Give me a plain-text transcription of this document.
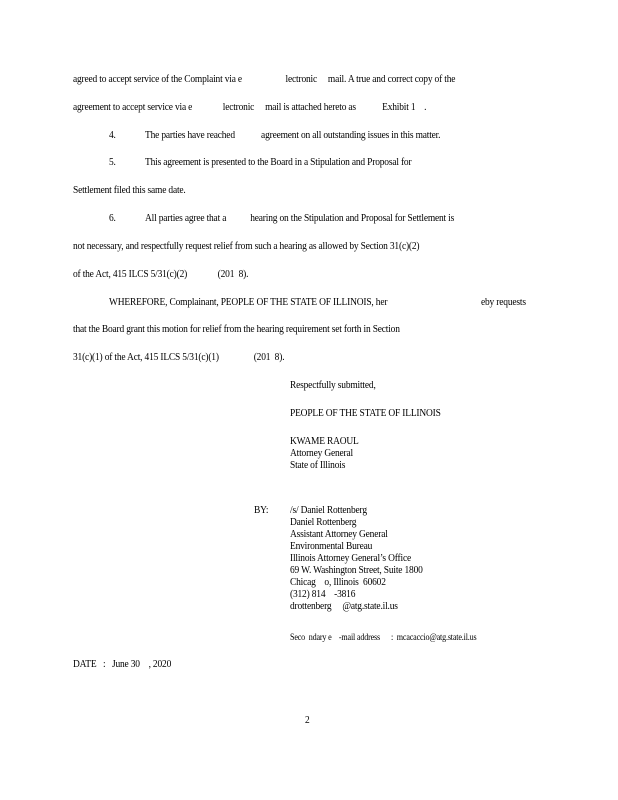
agreed to accept service of the Complaint via e                    lectronic     mail. A true and correct copy of the
agreement to accept service via e              lectronic     mail is attached hereto as            Exhibit 1    .
4.	The parties have reached            agreement on all outstanding issues in this matter.
5.	This agreement is presented to the Board in a Stipulation and Proposal for
Settlement filed this same date.
6.	All parties agree that a           hearing on the Stipulation and Proposal for Settlement is
not necessary, and respectfully request relief from such a hearing as allowed by Section 31(c)(2)
of the Act, 415 ILCS 5/31(c)(2)              (201  8).
WHEREFORE, Complainant, PEOPLE OF THE STATE OF ILLINOIS, her	eby requests
that the Board grant this motion for relief from the hearing requirement set forth in Section
31(c)(1) of the Act, 415 ILCS 5/31(c)(1)                (201  8).
Respectfully submitted,
PEOPLE OF THE STATE OF ILLINOIS
KWAME RAOUL
Attorney General
State of Illinois
BY: /s/ Daniel Rottenberg
Daniel Rottenberg
Assistant Attorney General
Environmental Bureau
Illinois Attorney General’s Office
69 W. Washington Street, Suite 1800
Chicag    o, Illinois  60602
(312) 814    -3816
drottenberg     @atg.state.il.us
Seco  ndary e    -mail address      :  mcacaccio@atg.state.il.us
DATE   :   June 30    , 2020
2
